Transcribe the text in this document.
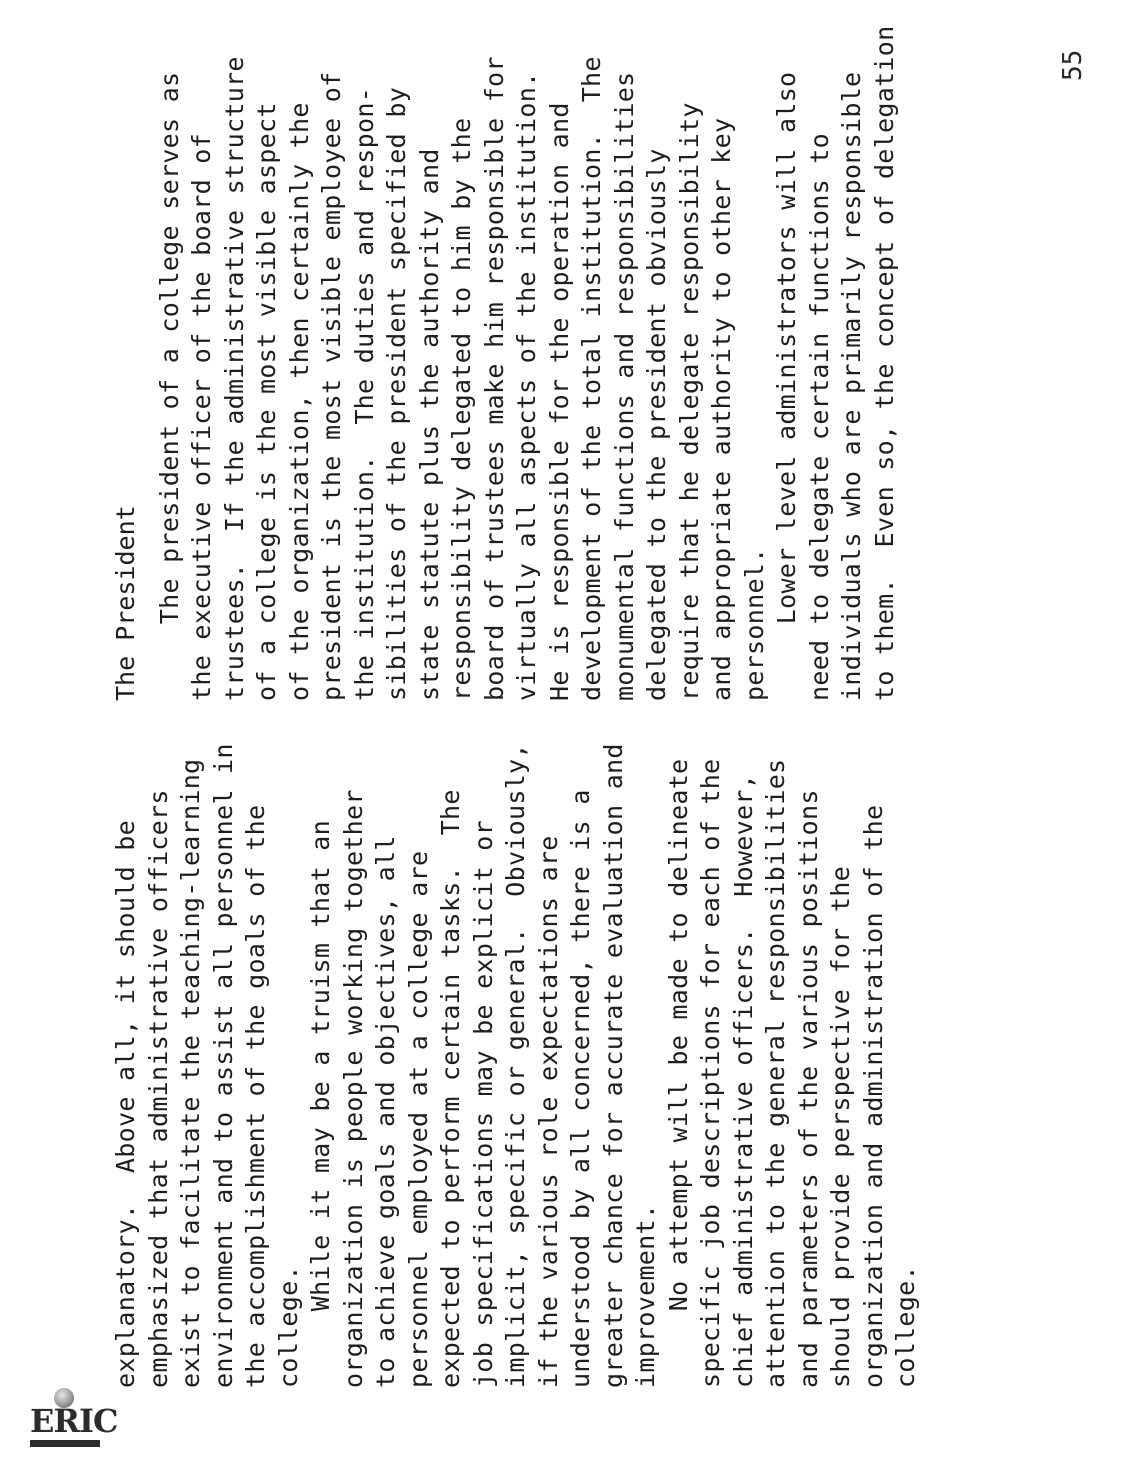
explanatory.  Above all, it should be emphasized that administrative officers exist to facilitate the teaching-learning environment and to assist all personnel in the accomplishment of the goals of the college. While it may be a truism that an organization is people working together to achieve goals and objectives, all personnel employed at a college are expected to perform certain tasks.  The job specifications may be explicit or implicit, specific or general.  Obviously, if the various role expectations are understood by all concerned, there is a greater chance for accurate evaluation and improvement. No attempt will be made to delineate specific job descriptions for each of the chief administrative officers.  However, attention to the general responsibilities and parameters of the various positions should provide perspective for the organization and administration of the college.
The President The president of a college serves as the executive officer of the board of trustees.  If the administrative structure of a college is the most visible aspect of the organization, then certainly the president is the most visible employee of the institution.  The duties and respon- sibilities of the president specified by state statute plus the authority and responsibility delegated to him by the board of trustees make him responsible for virtually all aspects of the institution. He is responsible for the operation and development of the total institution.  The monumental functions and responsibilities delegated to the president obviously require that he delegate responsibility and appropriate authority to other key personnel. Lower level administrators will also need to delegate certain functions to individuals who are primarily responsible to them.  Even so, the concept of delegation	55
ERIC
